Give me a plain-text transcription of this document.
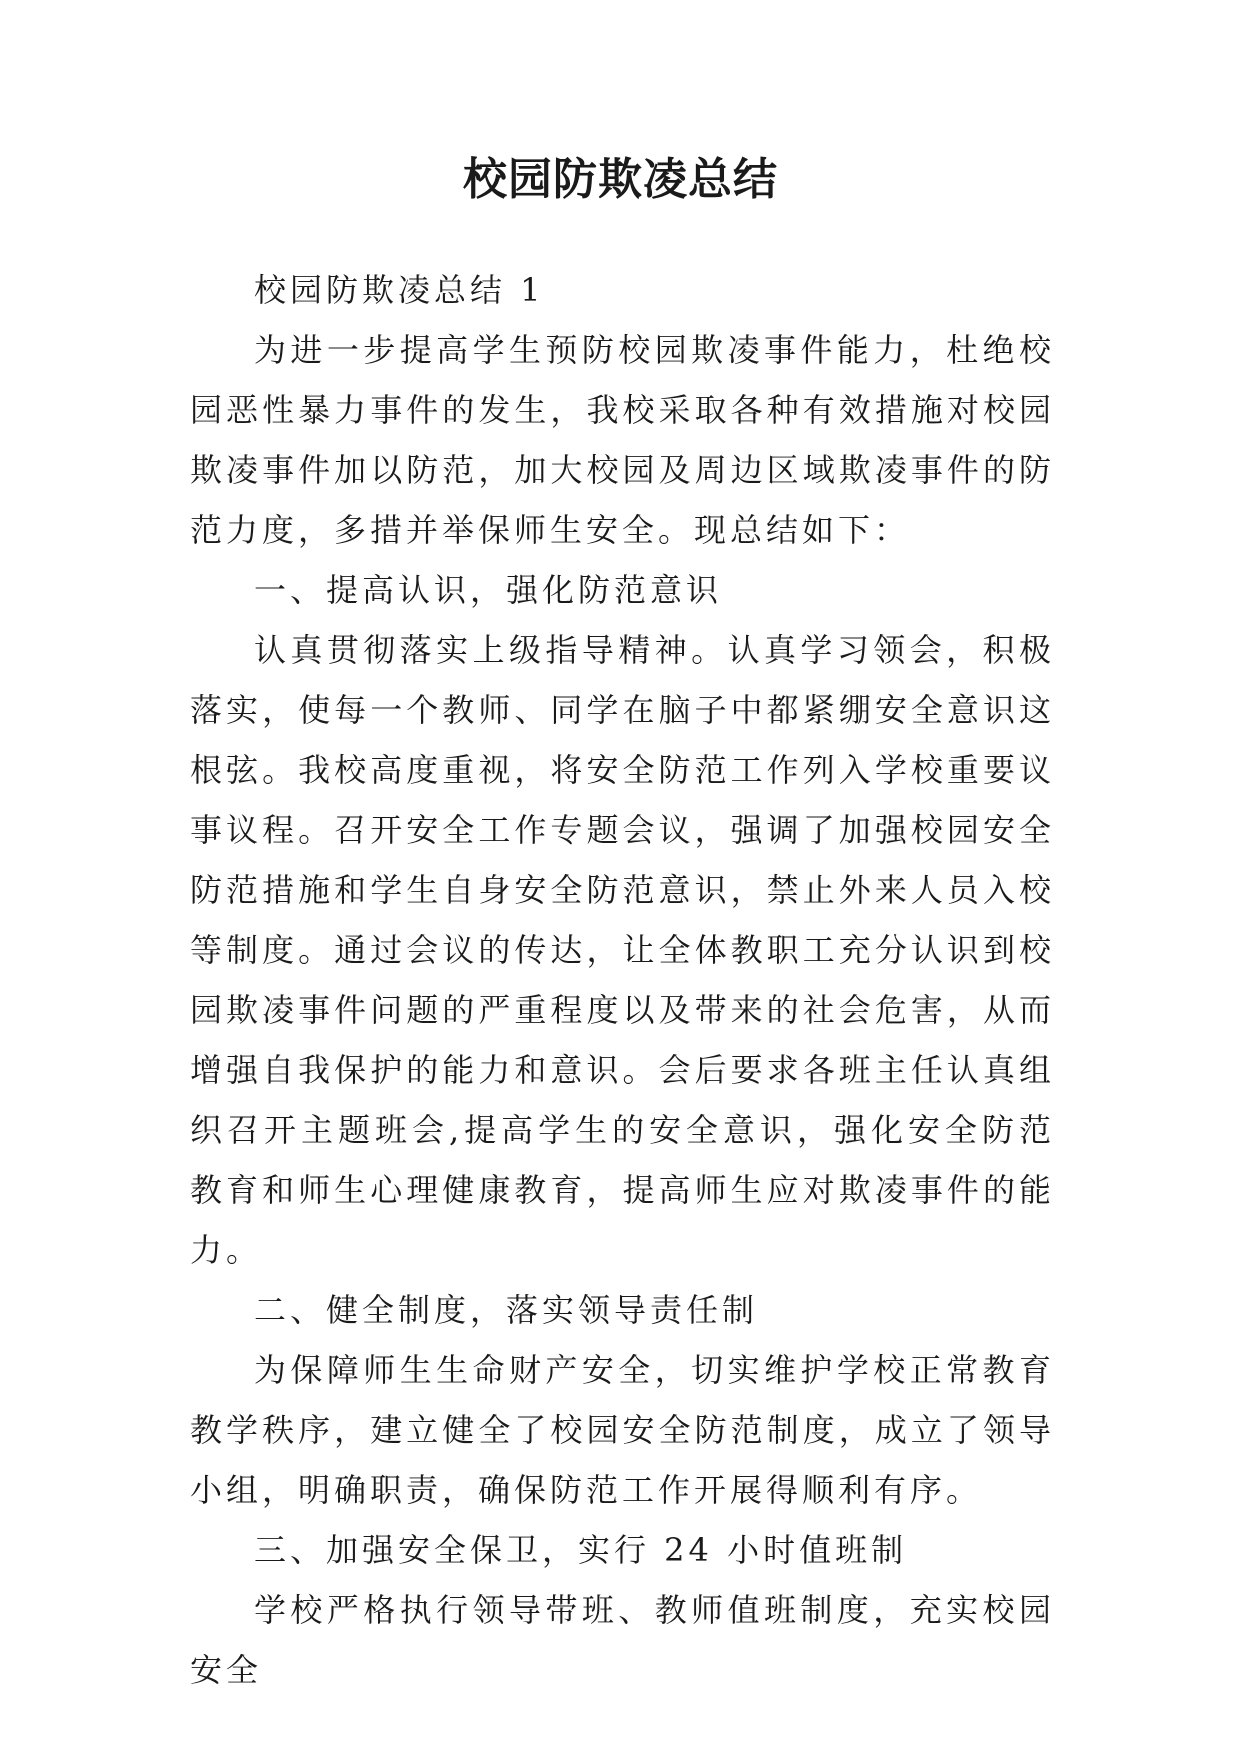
校园防欺凌总结

校园防欺凌总结 1

为进一步提高学生预防校园欺凌事件能力，杜绝校园恶性暴力事件的发生，我校采取各种有效措施对校园欺凌事件加以防范，加大校园及周边区域欺凌事件的防范力度，多措并举保师生安全。现总结如下：

一、提高认识，强化防范意识

认真贯彻落实上级指导精神。认真学习领会，积极落实，使每一个教师、同学在脑子中都紧绷安全意识这根弦。我校高度重视，将安全防范工作列入学校重要议事议程。召开安全工作专题会议，强调了加强校园安全防范措施和学生自身安全防范意识，禁止外来人员入校等制度。通过会议的传达，让全体教职工充分认识到校园欺凌事件问题的严重程度以及带来的社会危害，从而增强自我保护的能力和意识。会后要求各班主任认真组织召开主题班会,提高学生的安全意识，强化安全防范教育和师生心理健康教育，提高师生应对欺凌事件的能力。

二、健全制度，落实领导责任制

为保障师生生命财产安全，切实维护学校正常教育教学秩序，建立健全了校园安全防范制度，成立了领导小组，明确职责，确保防范工作开展得顺利有序。

三、加强安全保卫，实行 24 小时值班制

学校严格执行领导带班、教师值班制度，充实校园安全
